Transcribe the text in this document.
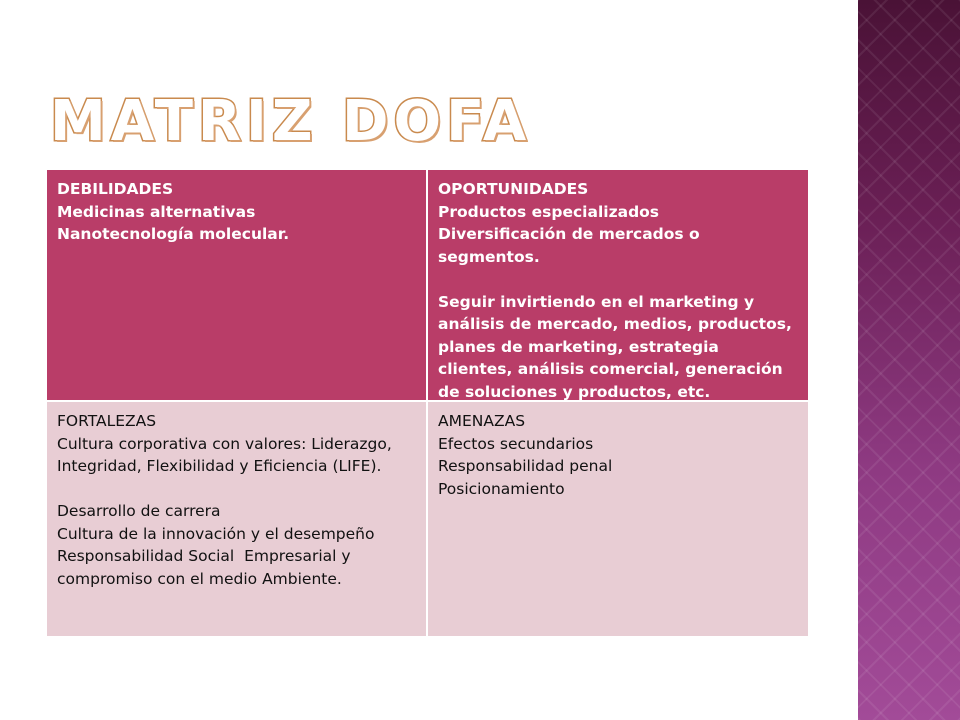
MATRIZ DOFA
DEBILIDADES
Medicinas alternativas
Nanotecnología molecular.
OPORTUNIDADES
Productos especializados
Diversificación de mercados o segmentos.
Seguir invirtiendo en el marketing y análisis de mercado, medios, productos, planes de marketing, estrategia clientes, análisis comercial, generación de soluciones y productos, etc.
FORTALEZAS
Cultura corporativa con valores: Liderazgo, Integridad, Flexibilidad y Eficiencia (LIFE).
Desarrollo de carrera
Cultura de la innovación y el desempeño
Responsabilidad Social  Empresarial y compromiso con el medio Ambiente.
AMENAZAS
Efectos secundarios
Responsabilidad penal
Posicionamiento
